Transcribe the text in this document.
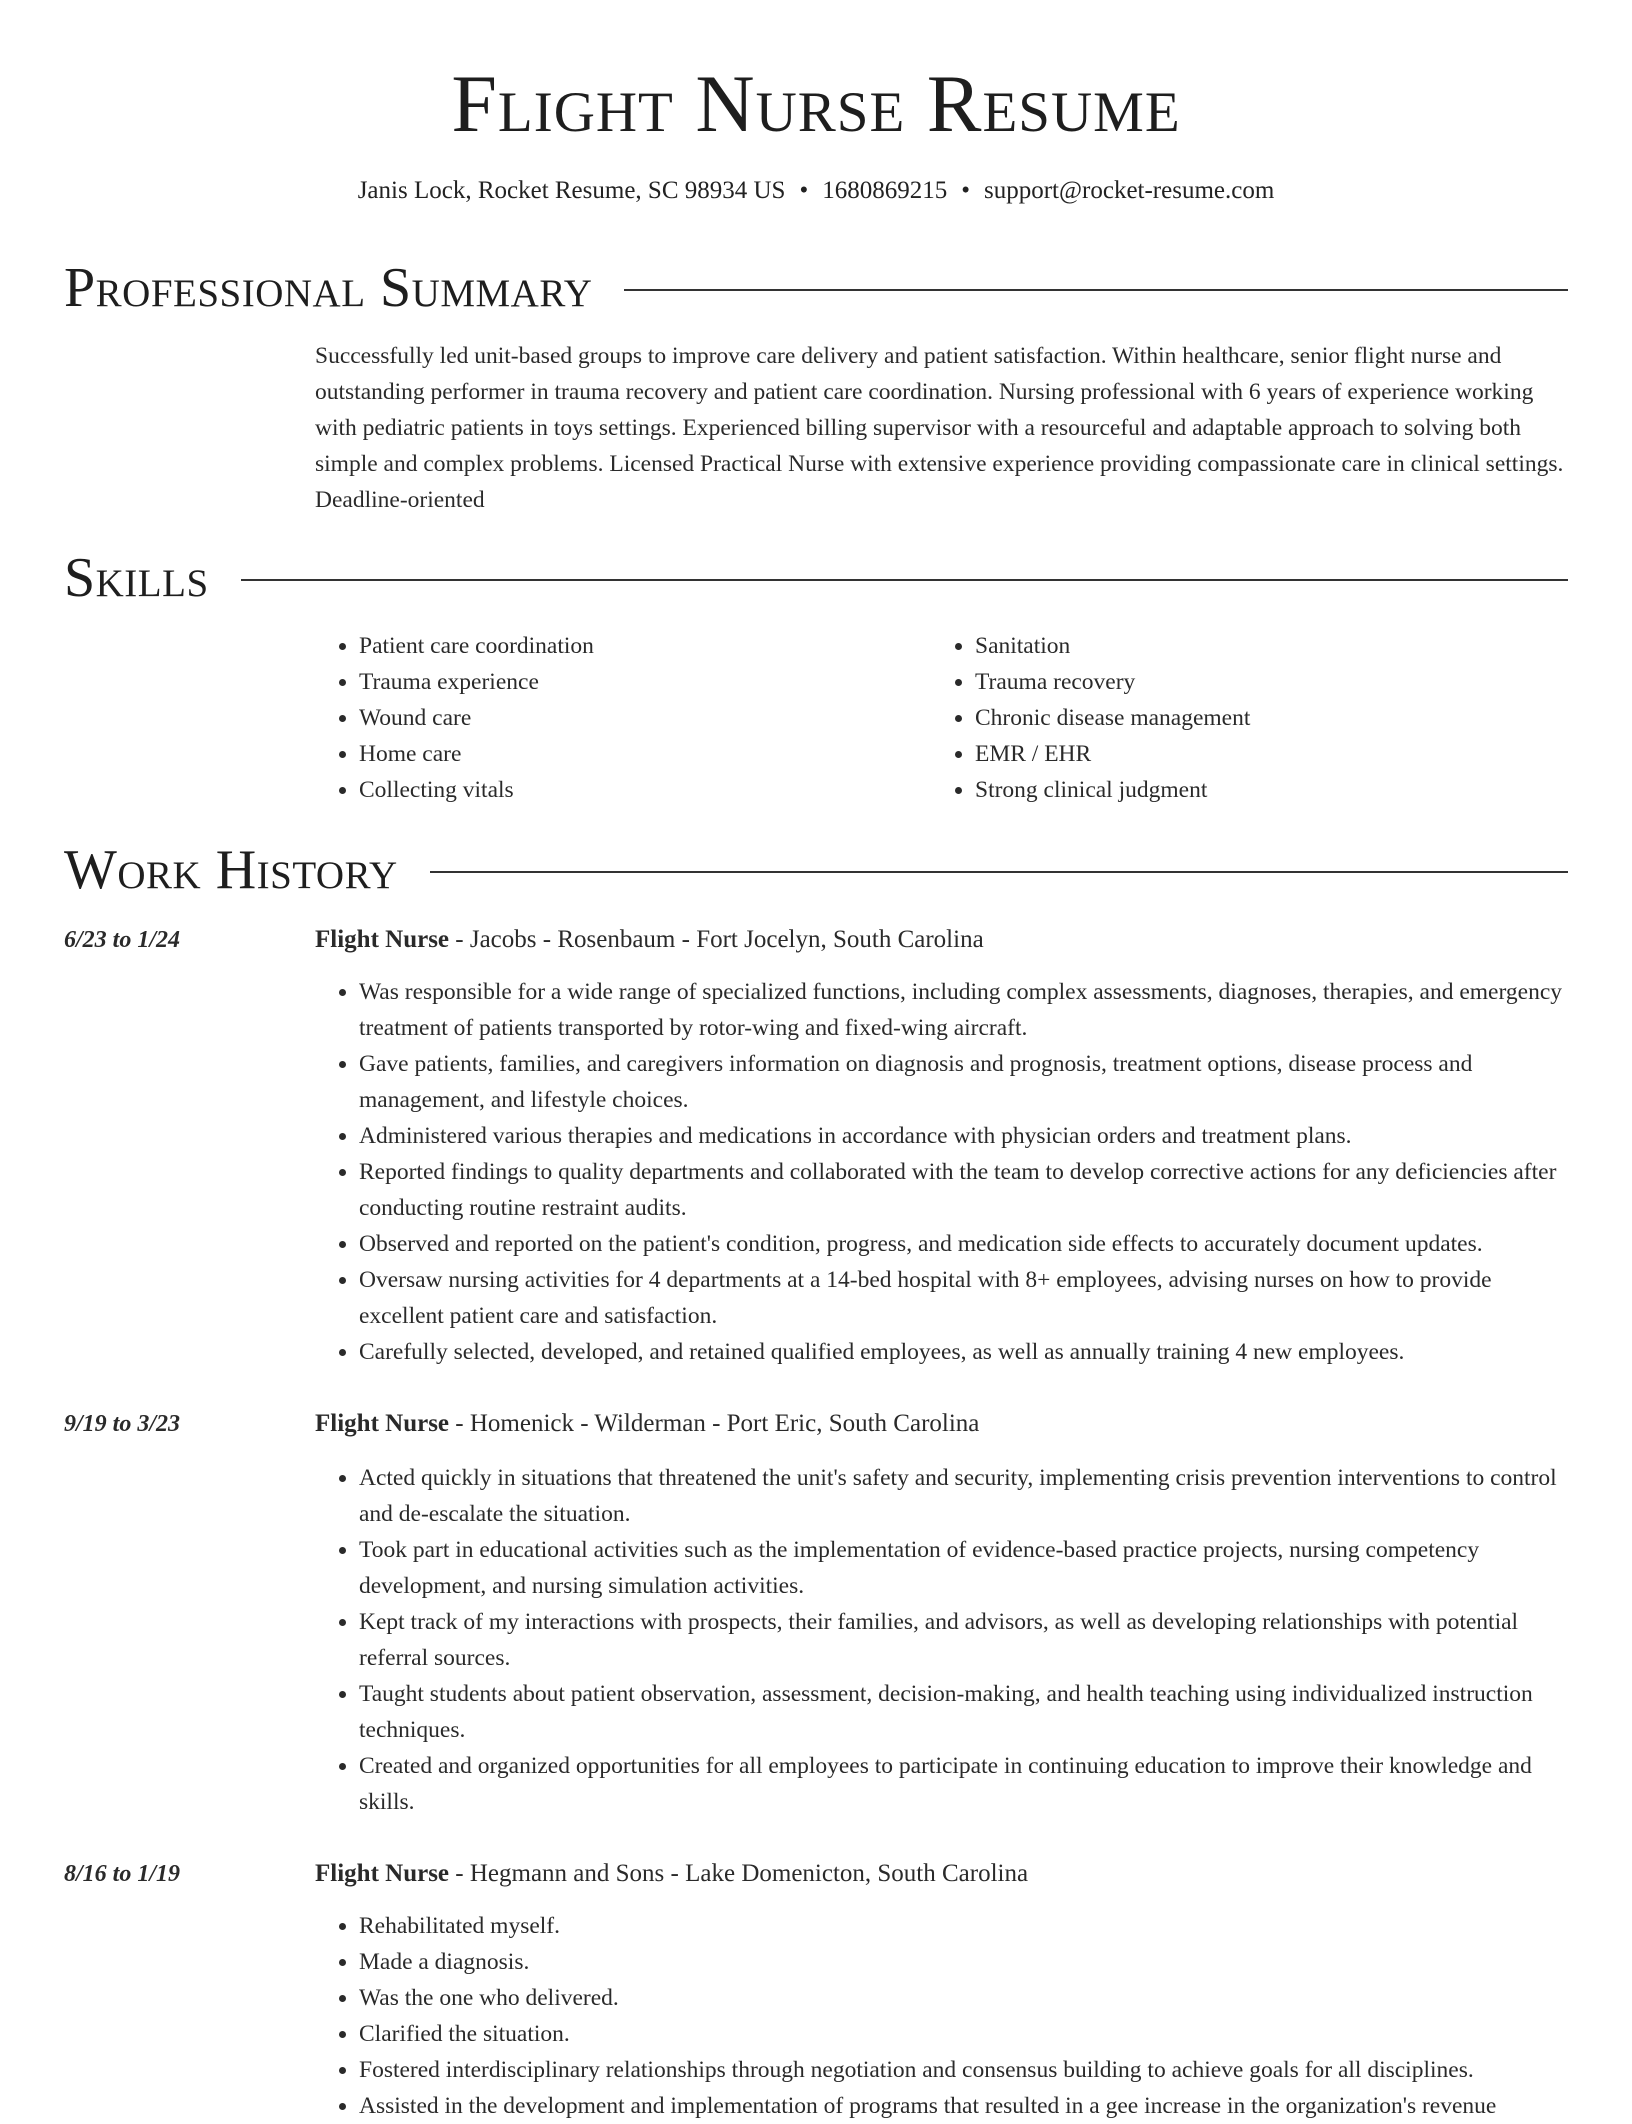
Flight Nurse Resume
Janis Lock, Rocket Resume, SC 98934 US • 1680869215 • support@rocket-resume.com
Professional Summary

Successfully led unit-based groups to improve care delivery and patient satisfaction. Within healthcare, senior flight nurse and outstanding performer in trauma recovery and patient care coordination. Nursing professional with 6 years of experience working with pediatric patients in toys settings. Experienced billing supervisor with a resourceful and adaptable approach to solving both simple and complex problems. Licensed Practical Nurse with extensive experience providing compassionate care in clinical settings. Deadline-oriented

Skills
• Patient care coordination
• Trauma experience
• Wound care
• Home care
• Collecting vitals
• Sanitation
• Trauma recovery
• Chronic disease management
• EMR / EHR
• Strong clinical judgment
Work History
6/23 to 1/24	Flight Nurse - Jacobs - Rosenbaum - Fort Jocelyn, South Carolina
• Was responsible for a wide range of specialized functions, including complex assessments, diagnoses, therapies, and emergency treatment of patients transported by rotor-wing and fixed-wing aircraft.
• Gave patients, families, and caregivers information on diagnosis and prognosis, treatment options, disease process and management, and lifestyle choices.
• Administered various therapies and medications in accordance with physician orders and treatment plans.
• Reported findings to quality departments and collaborated with the team to develop corrective actions for any deficiencies after conducting routine restraint audits.
• Observed and reported on the patient's condition, progress, and medication side effects to accurately document updates.
• Oversaw nursing activities for 4 departments at a 14-bed hospital with 8+ employees, advising nurses on how to provide excellent patient care and satisfaction.
• Carefully selected, developed, and retained qualified employees, as well as annually training 4 new employees.
9/19 to 3/23	Flight Nurse - Homenick - Wilderman - Port Eric, South Carolina
• Acted quickly in situations that threatened the unit's safety and security, implementing crisis prevention interventions to control and de-escalate the situation.
• Took part in educational activities such as the implementation of evidence-based practice projects, nursing competency development, and nursing simulation activities.
• Kept track of my interactions with prospects, their families, and advisors, as well as developing relationships with potential referral sources.
• Taught students about patient observation, assessment, decision-making, and health teaching using individualized instruction techniques.
• Created and organized opportunities for all employees to participate in continuing education to improve their knowledge and skills.
8/16 to 1/19	Flight Nurse - Hegmann and Sons - Lake Domenicton, South Carolina
• Rehabilitated myself.
• Made a diagnosis.
• Was the one who delivered.
• Clarified the situation.
• Fostered interdisciplinary relationships through negotiation and consensus building to achieve goals for all disciplines.
• Assisted in the development and implementation of programs that resulted in a gee increase in the organization's revenue
